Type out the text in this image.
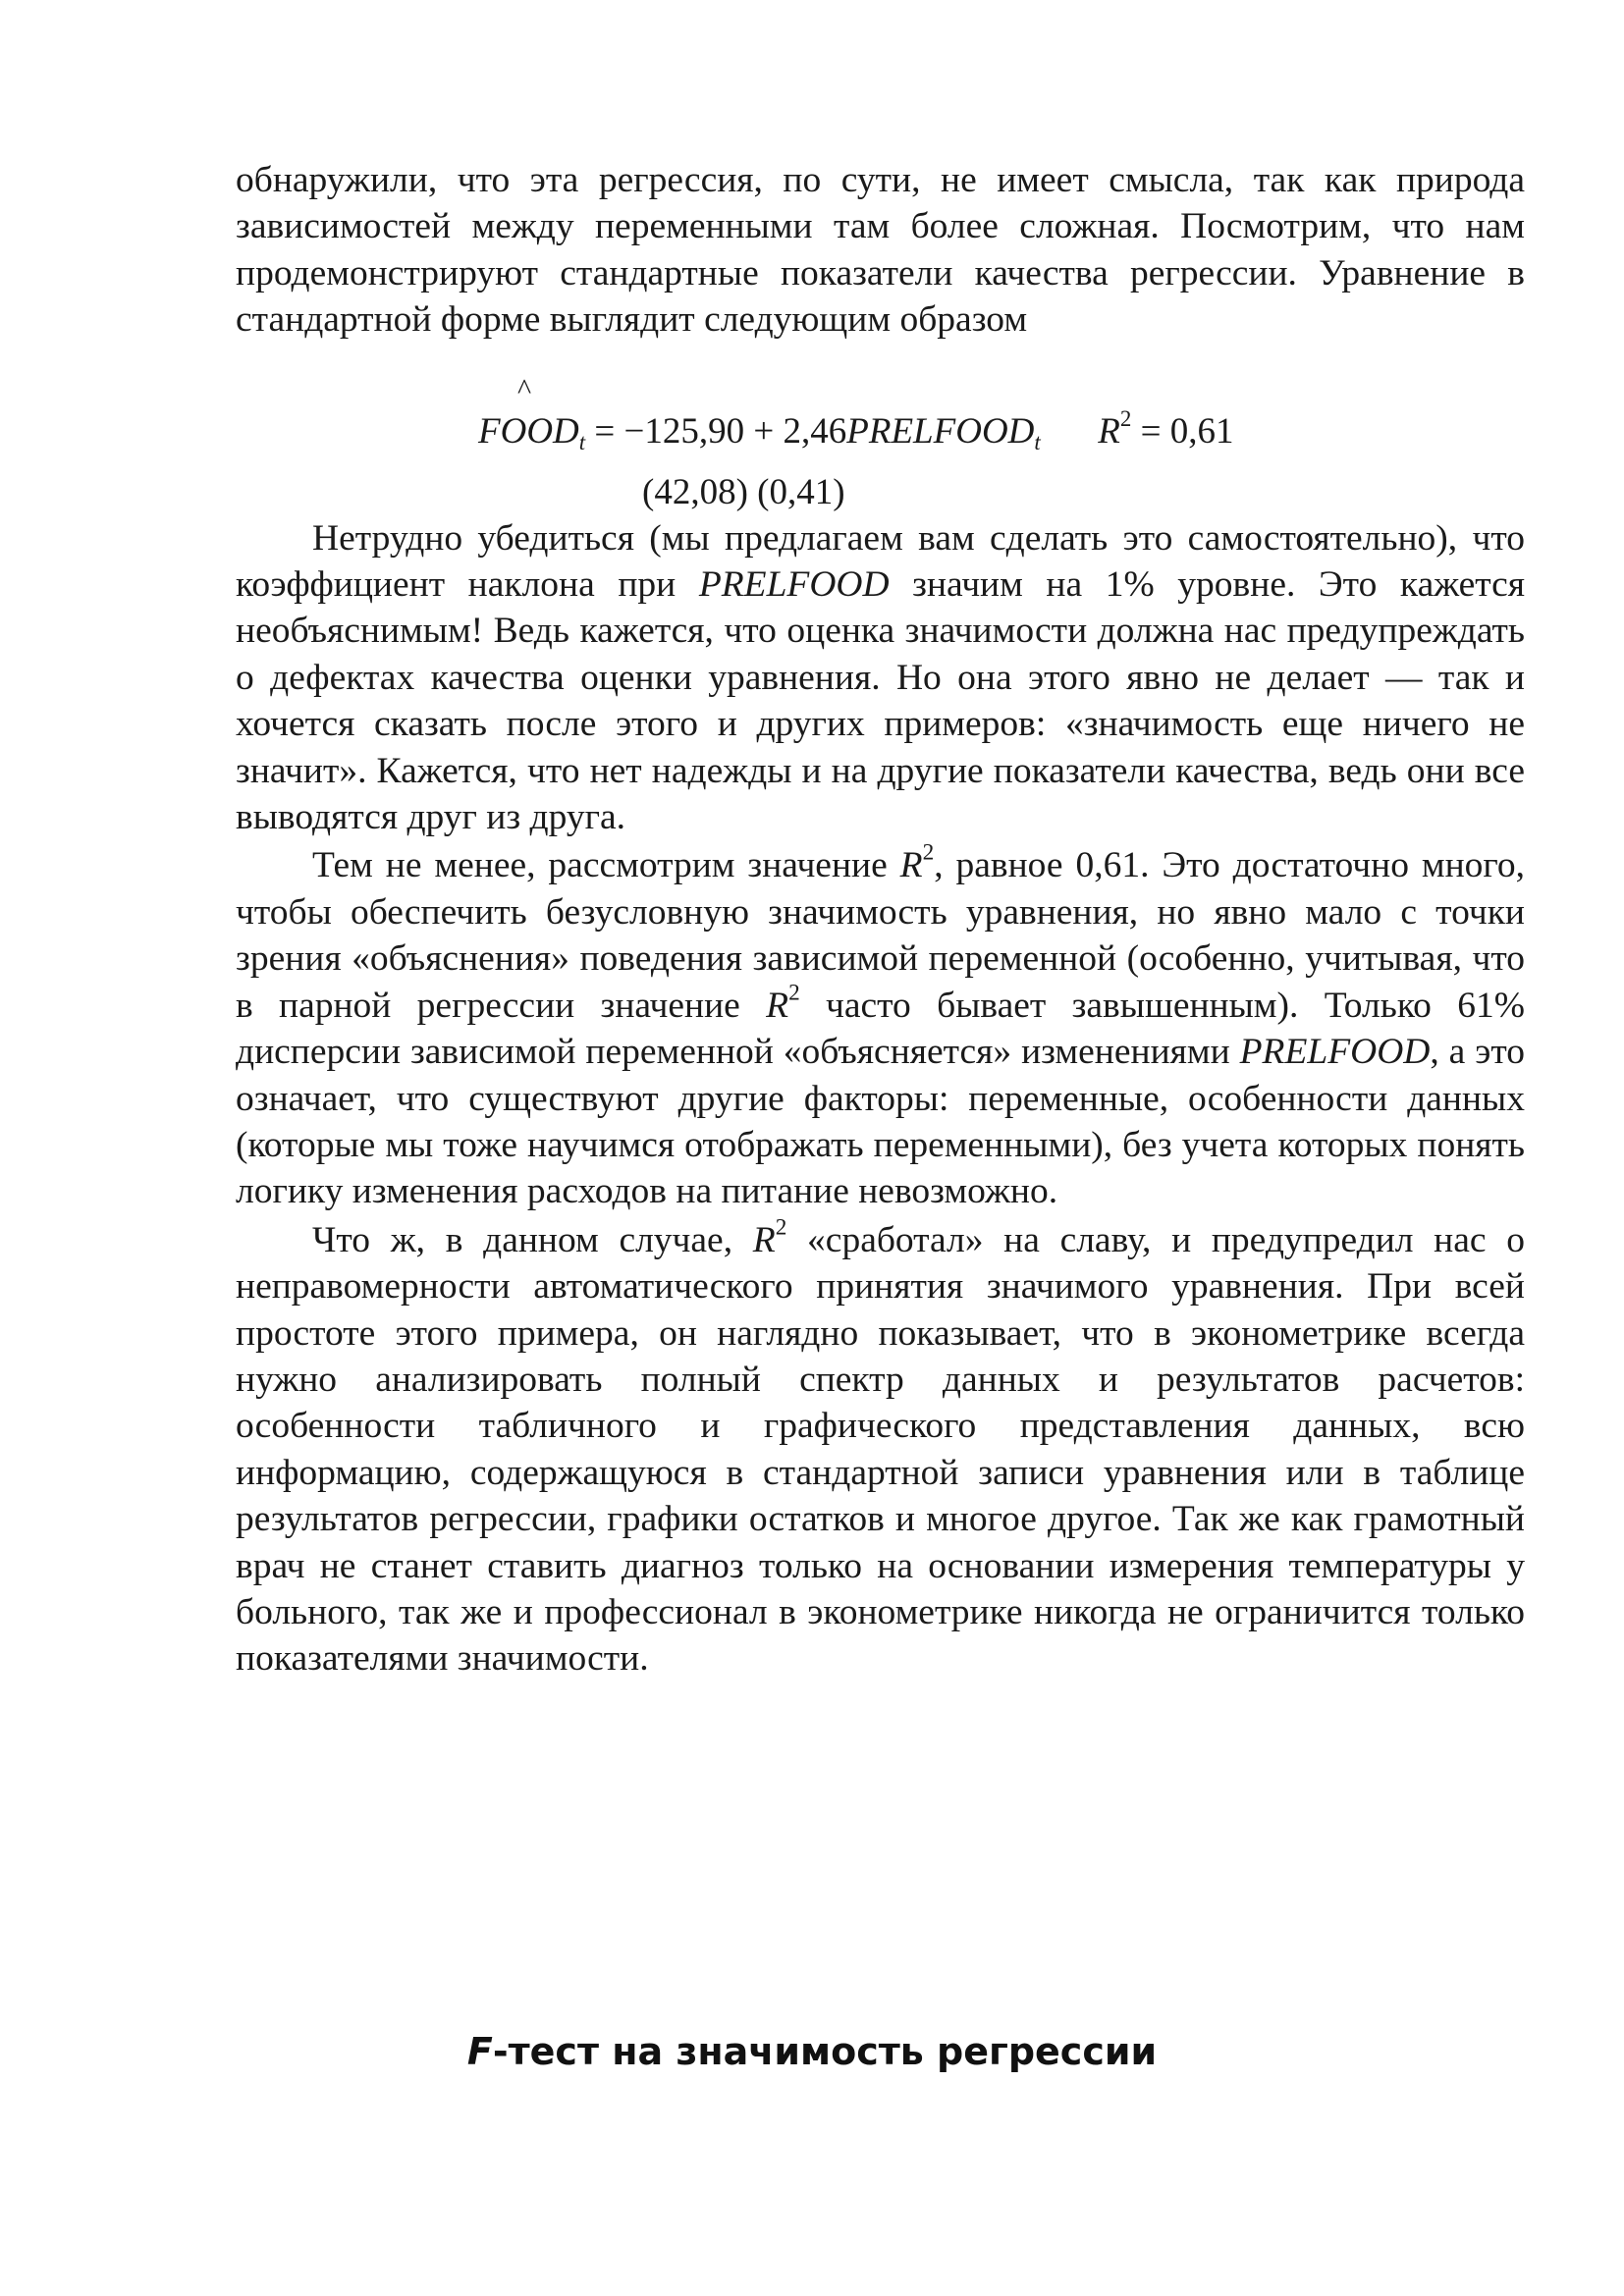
обнаружили, что эта регрессия, по сути, не имеет смысла, так как природа зависимостей между переменными там более сложная. Посмотрим, что нам продемонстрируют стандартные показатели качества регрессии. Уравнение в стандартной форме выглядит следующим образом

^
$FOOD_t = -125,90$ + $2,46PRELFOOD_t$ $R^2 = 0,61$
(42,08) (0,41)

Нетрудно убедиться (мы предлагаем вам сделать это самостоятельно), что коэффициент наклона при PRELFOOD значим на 1% уровне. Это кажется необъяснимым! Ведь кажется, что оценка значимости должна нас предупреждать о дефектах качества оценки уравнения. Но она этого явно не делает — так и хочется сказать после этого и других примеров: «значимость еще ничего не значит». Кажется, что нет надежды и на другие показатели качества, ведь они все выводятся друг из друга.

Тем не менее, рассмотрим значение $R^2$, равное 0,61. Это достаточно много, чтобы обеспечить безусловную значимость уравнения, но явно мало с точки зрения «объяснения» поведения зависимой переменной (особенно, учитывая, что в парной регрессии значение $R^2$ часто бывает завышенным). Только 61% дисперсии зависимой переменной «объясняется» изменениями PRELFOOD, а это означает, что существуют другие факторы: переменные, особенности данных (которые мы тоже научимся отображать переменными), без учета которых понять логику изменения расходов на питание невозможно.

Что ж, в данном случае, $R^2$ «сработал» на славу, и предупредил нас о неправомерности автоматического принятия значимого уравнения. При всей простоте этого примера, он наглядно показывает, что в эконометрике всегда нужно анализировать полный спектр данных и результатов расчетов: особенности табличного и графического представления данных, всю информацию, содержащуюся в стандартной записи уравнения или в таблице результатов регрессии, графики остатков и многое другое. Так же как грамотный врач не станет ставить диагноз только на основании измерения температуры у больного, так же и профессионал в эконометрике никогда не ограничится только показателями значимости.

F-тест на значимость регрессии
